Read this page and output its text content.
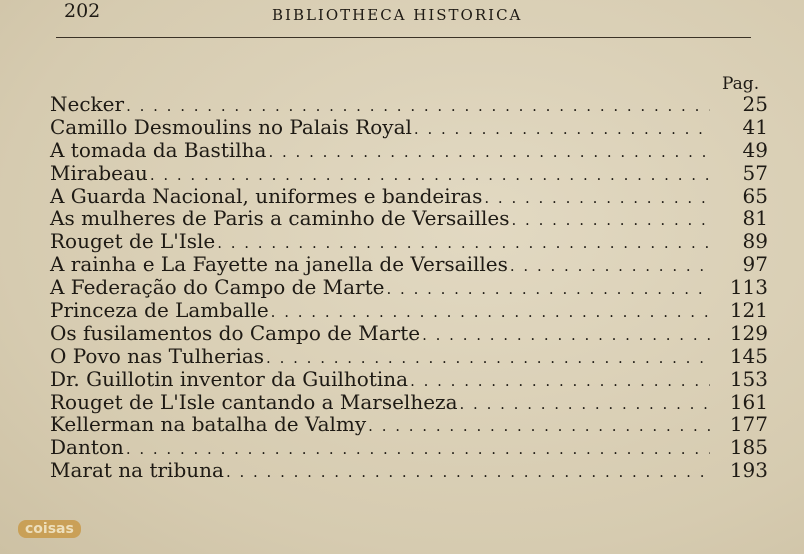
202	BIBLIOTHECA HISTORICA
Pag.
Necker . . .	25
Camillo Desmoulins no Palais Royal . . .	41
A tomada da Bastilha . . .	49
Mirabeau . . .	57
A Guarda Nacional, uniformes e bandeiras . . .	65
As mulheres de Paris a caminho de Versailles . . .	81
Rouget de L'Isle . . .	89
A rainha e La Fayette na janella de Versailles . . .	97
A Federação do Campo de Marte . . .	113
Princeza de Lamballe . . .	121
Os fusilamentos do Campo de Marte . . .	129
O Povo nas Tulherias . . .	145
Dr. Guillotin inventor da Guilhotina . . .	153
Rouget de L'Isle cantando a Marselheza . . .	161
Kellerman na batalha de Valmy . . .	177
Danton . . .	185
Marat na tribuna . . .	193
coisas
